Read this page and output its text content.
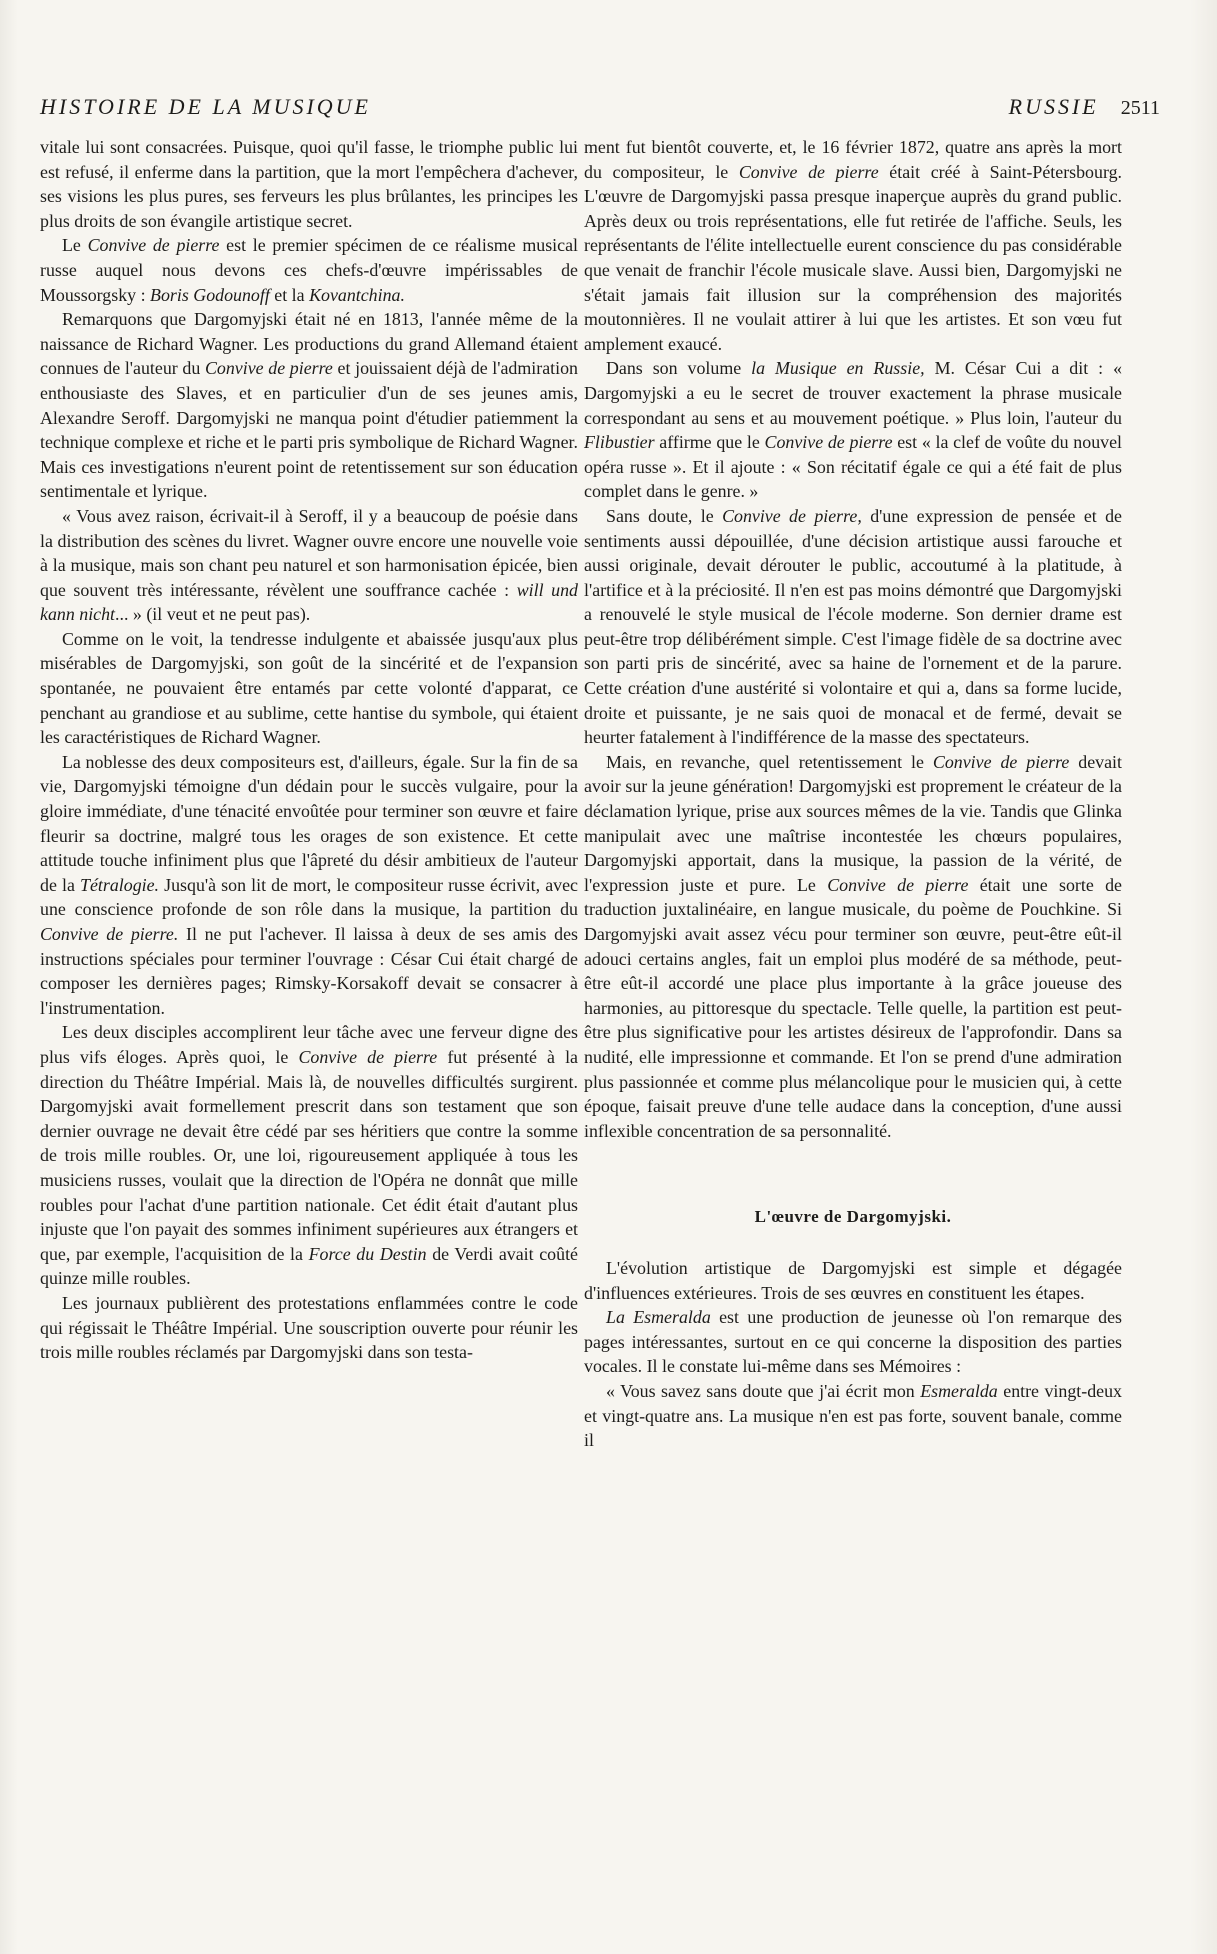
HISTOIRE DE LA MUSIQUE	RUSSIE 2511

vitale lui sont consacrées. Puisque, quoi qu'il fasse, le triomphe public lui est refusé, il enferme dans la partition, que la mort l'empêchera d'achever, ses visions les plus pures, ses ferveurs les plus brûlantes, les principes les plus droits de son évangile artistique secret.

Le Convive de pierre est le premier spécimen de ce réalisme musical russe auquel nous devons ces chefs-d'œuvre impérissables de Moussorgsky : Boris Godounoff et la Kovantchina.

Remarquons que Dargomyjski était né en 1813, l'année même de la naissance de Richard Wagner. Les productions du grand Allemand étaient connues de l'auteur du Convive de pierre et jouissaient déjà de l'admiration enthousiaste des Slaves, et en particulier d'un de ses jeunes amis, Alexandre Seroff. Dargomyjski ne manqua point d'étudier patiemment la technique complexe et riche et le parti pris symbolique de Richard Wagner. Mais ces investigations n'eurent point de retentissement sur son éducation sentimentale et lyrique.

« Vous avez raison, écrivait-il à Seroff, il y a beaucoup de poésie dans la distribution des scènes du livret. Wagner ouvre encore une nouvelle voie à la musique, mais son chant peu naturel et son harmonisation épicée, bien que souvent très intéressante, révèlent une souffrance cachée : will und kann nicht... » (il veut et ne peut pas).

Comme on le voit, la tendresse indulgente et abaissée jusqu'aux plus misérables de Dargomyjski, son goût de la sincérité et de l'expansion spontanée, ne pouvaient être entamés par cette volonté d'apparat, ce penchant au grandiose et au sublime, cette hantise du symbole, qui étaient les caractéristiques de Richard Wagner.

La noblesse des deux compositeurs est, d'ailleurs, égale. Sur la fin de sa vie, Dargomyjski témoigne d'un dédain pour le succès vulgaire, pour la gloire immédiate, d'une ténacité envoûtée pour terminer son œuvre et faire fleurir sa doctrine, malgré tous les orages de son existence. Et cette attitude touche infiniment plus que l'âpreté du désir ambitieux de l'auteur de la Tétralogie. Jusqu'à son lit de mort, le compositeur russe écrivit, avec une conscience profonde de son rôle dans la musique, la partition du Convive de pierre. Il ne put l'achever. Il laissa à deux de ses amis des instructions spéciales pour terminer l'ouvrage : César Cui était chargé de composer les dernières pages; Rimsky-Korsakoff devait se consacrer à l'instrumentation.

Les deux disciples accomplirent leur tâche avec une ferveur digne des plus vifs éloges. Après quoi, le Convive de pierre fut présenté à la direction du Théâtre Impérial. Mais là, de nouvelles difficultés surgirent. Dargomyjski avait formellement prescrit dans son testament que son dernier ouvrage ne devait être cédé par ses héritiers que contre la somme de trois mille roubles. Or, une loi, rigoureusement appliquée à tous les musiciens russes, voulait que la direction de l'Opéra ne donnât que mille roubles pour l'achat d'une partition nationale. Cet édit était d'autant plus injuste que l'on payait des sommes infiniment supérieures aux étrangers et que, par exemple, l'acquisition de la Force du Destin de Verdi avait coûté quinze mille roubles.

Les journaux publièrent des protestations enflammées contre le code qui régissait le Théâtre Impérial. Une souscription ouverte pour réunir les trois mille roubles réclamés par Dargomyjski dans son testa-

ment fut bientôt couverte, et, le 16 février 1872, quatre ans après la mort du compositeur, le Convive de pierre était créé à Saint-Pétersbourg. L'œuvre de Dargomyjski passa presque inaperçue auprès du grand public. Après deux ou trois représentations, elle fut retirée de l'affiche. Seuls, les représentants de l'élite intellectuelle eurent conscience du pas considérable que venait de franchir l'école musicale slave. Aussi bien, Dargomyjski ne s'était jamais fait illusion sur la compréhension des majorités moutonnières. Il ne voulait attirer à lui que les artistes. Et son vœu fut amplement exaucé.

Dans son volume la Musique en Russie, M. César Cui a dit : « Dargomyjski a eu le secret de trouver exactement la phrase musicale correspondant au sens et au mouvement poétique. » Plus loin, l'auteur du Flibustier affirme que le Convive de pierre est « la clef de voûte du nouvel opéra russe ». Et il ajoute : « Son récitatif égale ce qui a été fait de plus complet dans le genre. »

Sans doute, le Convive de pierre, d'une expression de pensée et de sentiments aussi dépouillée, d'une décision artistique aussi farouche et aussi originale, devait dérouter le public, accoutumé à la platitude, à l'artifice et à la préciosité. Il n'en est pas moins démontré que Dargomyjski a renouvelé le style musical de l'école moderne. Son dernier drame est peut-être trop délibérément simple. C'est l'image fidèle de sa doctrine avec son parti pris de sincérité, avec sa haine de l'ornement et de la parure. Cette création d'une austérité si volontaire et qui a, dans sa forme lucide, droite et puissante, je ne sais quoi de monacal et de fermé, devait se heurter fatalement à l'indifférence de la masse des spectateurs.

Mais, en revanche, quel retentissement le Convive de pierre devait avoir sur la jeune génération! Dargomyjski est proprement le créateur de la déclamation lyrique, prise aux sources mêmes de la vie. Tandis que Glinka manipulait avec une maîtrise incontestée les chœurs populaires, Dargomyjski apportait, dans la musique, la passion de la vérité, de l'expression juste et pure. Le Convive de pierre était une sorte de traduction juxtalinéaire, en langue musicale, du poème de Pouchkine. Si Dargomyjski avait assez vécu pour terminer son œuvre, peut-être eût-il adouci certains angles, fait un emploi plus modéré de sa méthode, peut-être eût-il accordé une place plus importante à la grâce joueuse des harmonies, au pittoresque du spectacle. Telle quelle, la partition est peut-être plus significative pour les artistes désireux de l'approfondir. Dans sa nudité, elle impressionne et commande. Et l'on se prend d'une admiration plus passionnée et comme plus mélancolique pour le musicien qui, à cette époque, faisait preuve d'une telle audace dans la conception, d'une aussi inflexible concentration de sa personnalité.

L'œuvre de Dargomyjski.

L'évolution artistique de Dargomyjski est simple et dégagée d'influences extérieures. Trois de ses œuvres en constituent les étapes.

La Esmeralda est une production de jeunesse où l'on remarque des pages intéressantes, surtout en ce qui concerne la disposition des parties vocales. Il le constate lui-même dans ses Mémoires :

« Vous savez sans doute que j'ai écrit mon Esmeralda entre vingt-deux et vingt-quatre ans. La musique n'en est pas forte, souvent banale, comme il
